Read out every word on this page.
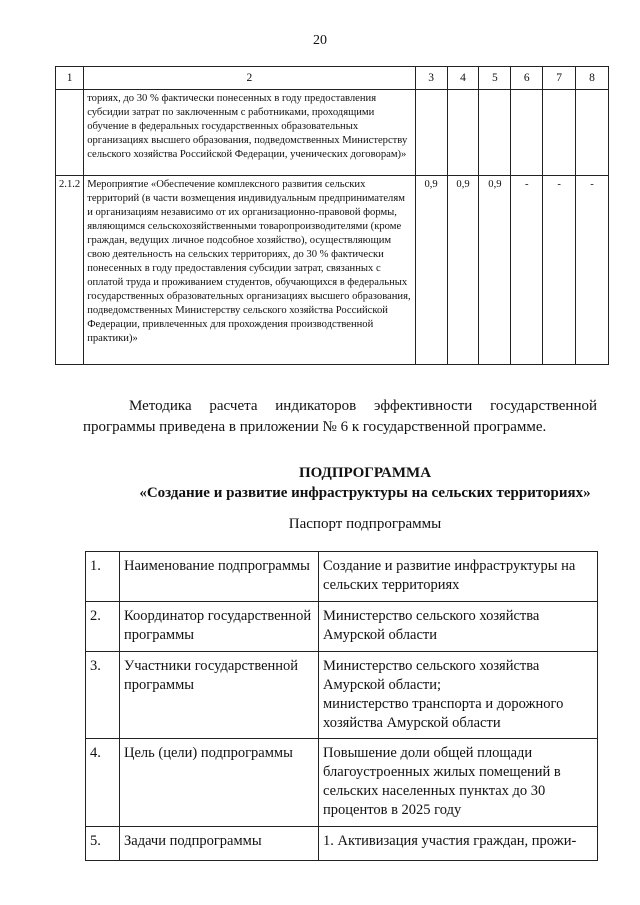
20
1	2	3	4	5	6	7	8
	ториях, до 30 % фактически понесенных в году предоставления субсидии затрат по заключенным с работниками, проходящими обучение в федеральных государственных образовательных организациях высшего образования, подведомственных Министерству сельского хозяйства Российской Федерации, ученических договорам)»						
2.1.2	Мероприятие «Обеспечение комплексного развития сельских территорий (в части возмещения индивидуальным предпринимателям и организациям независимо от их организационно-правовой формы, являющимся сельскохозяйственными товаропроизводителями (кроме граждан, ведущих личное подсобное хозяйство), осуществляющим свою деятельность на сельских территориях, до 30 % фактически понесенных в году предоставления субсидии затрат, связанных с оплатой труда и проживанием студентов, обучающихся в федеральных государственных образовательных организациях высшего образования, подведомственных Министерству сельского хозяйства Российской Федерации, привлеченных для прохождения производственной практики)»	0,9	0,9	0,9	-	-	-
Методика расчета индикаторов эффективности государственной программы приведена в приложении № 6 к государственной программе.
ПОДПРОГРАММА
«Создание и развитие инфраструктуры на сельских территориях»
Паспорт подпрограммы
1.	Наименование подпрограммы	Создание и развитие инфраструктуры на сельских территориях
2.	Координатор государственной программы	Министерство сельского хозяйства Амурской области
3.	Участники государственной программы	Министерство сельского хозяйства Амурской области;
министерство транспорта и дорожного хозяйства Амурской области
4.	Цель (цели) подпрограммы	Повышение доли общей площади благоустроенных жилых помещений в сельских населенных пунктах до 30 процентов в 2025 году
5.	Задачи подпрограммы	1. Активизация участия граждан, прожи-
